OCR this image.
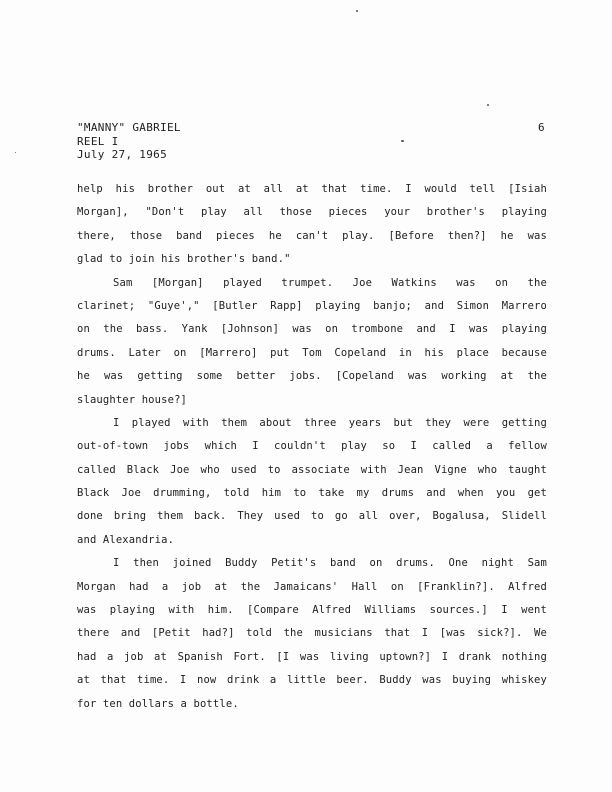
"MANNY" GABRIEL
REEL I
July 27, 1965
6
help his brother out at all at that time. I would tell [Isiah
Morgan], "Don't play all those pieces your brother's playing
there, those band pieces he can't play. [Before then?] he was
glad to join his brother's band."
Sam [Morgan] played trumpet. Joe Watkins was on the
clarinet; "Guye'," [Butler Rapp] playing banjo; and Simon Marrero
on the bass. Yank [Johnson] was on trombone and I was playing
drums. Later on [Marrero] put Tom Copeland in his place because
he was getting some better jobs. [Copeland was working at the
slaughter house?]
I played with them about three years but they were getting
out-of-town jobs which I couldn't play so I called a fellow
called Black Joe who used to associate with Jean Vigne who taught
Black Joe drumming, told him to take my drums and when you get
done bring them back. They used to go all over, Bogalusa, Slidell
and Alexandria.
I then joined Buddy Petit's band on drums. One night Sam
Morgan had a job at the Jamaicans' Hall on [Franklin?]. Alfred
was playing with him. [Compare Alfred Williams sources.] I went
there and [Petit had?] told the musicians that I [was sick?]. We
had a job at Spanish Fort. [I was living uptown?] I drank nothing
at that time. I now drink a little beer. Buddy was buying whiskey
for ten dollars a bottle.
